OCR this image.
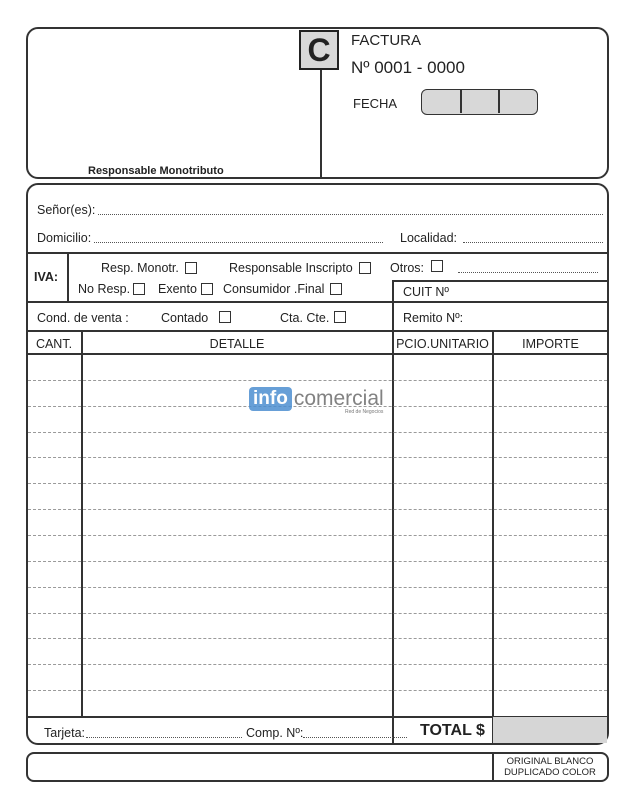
C	FACTURA
Nº 0001 - 0000
FECHA
Responsable Monotributo
Señor(es):
Domicilio:	Localidad:
IVA:
Resp. Monotr.	Responsable Inscripto	Otros:
No Resp. Exento Consumidor .Final	CUIT Nº
Cond. de venta :	Contado	Cta. Cte.	Remito Nº:
CANT.	DETALLE	PCIO.UNITARIO	IMPORTE
info comercial
Red de Negocios
Tarjeta:	Comp. Nº:	TOTAL $
ORIGINAL BLANCO
DUPLICADO COLOR
